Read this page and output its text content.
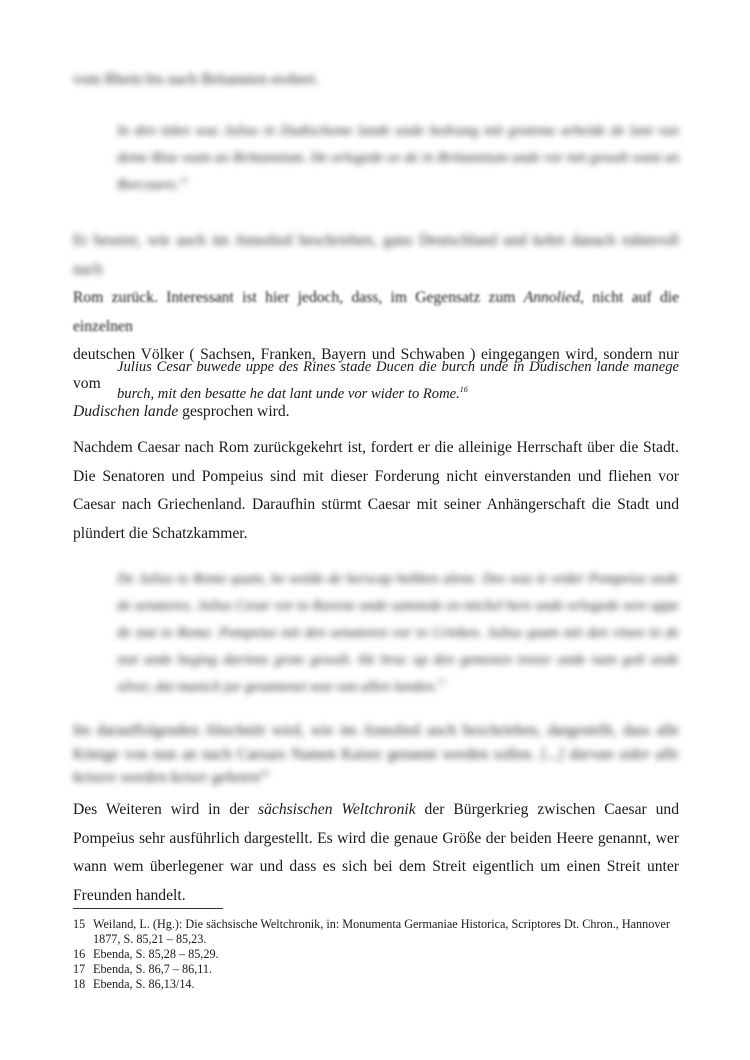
vom Rhein bis nach Britannien erobert.

In den tiden was Julius in Dudischeme lande unde bedvang mit groteme arbeide de lant van deme Rine want an Brittannium. He orlogede ov de in Brittannium unde vor mit gewalt want an Borcsuere.$^{14}$

Er besetzt, wie auch im Annolied beschrieben, ganz Deutschland und kehrt danach ruhmvoll nach
Rom zurück. Interessant ist hier jedoch, dass, im Gegensatz zum Annolied, nicht auf die einzelnen
deutschen Völker ( Sachsen, Franken, Bayern und Schwaben ) eingegangen wird, sondern nur vom
Dudischen lande gesprochen wird.

Julius Cesar buwede uppe des Rines stade Ducen die burch unde in Dudischen lande manege burch, mit den besatte he dat lant unde vor wider to Rome.$^{16}$

Nachdem Caesar nach Rom zurückgekehrt ist, fordert er die alleinige Herrschaft über die Stadt. Die Senatoren und Pompeius sind mit dieser Forderung nicht einverstanden und fliehen vor Caesar nach Griechenland. Daraufhin stürmt Caesar mit seiner Anhängerschaft die Stadt und plündert die Schatzkammer.

De Julius to Rome quam, he wolde de herscap hebben alene. Des was ie wider Pompeius unde de senatores. Julius Cesar vor to Ravene unde samnede en michel here unde orlogede sere uppe de stat to Rome. Pompeius mit den senatoren vor to Crieken. Julius quam mit den vinen in de stat unde beging darinne grote gewalt. He brac up den gemenen trezor unde nam golt unde silver, dat manich jar gesamenet was van allen landen.$^{17}$

Im darauffolgenden Abschnitt wird, wie im Annolied auch beschrieben, dargestellt, dass alle Könige von nun an nach Caesars Namen Kaiser genannt werden sollen. [...] darvan sider alle keisere worden keiser geheten$^{18}$

Des Weiteren wird in der sächsischen Weltchronik der Bürgerkrieg zwischen Caesar und Pompeius sehr ausführlich dargestellt. Es wird die genaue Größe der beiden Heere genannt, wer wann wem überlegener war und dass es sich bei dem Streit eigentlich um einen Streit unter Freunden handelt.

15 Weiland, L. (Hg.): Die sächsische Weltchronik, in: Monumenta Germaniae Historica, Scriptores Dt. Chron., Hannover 1877, S. 85,21 – 85,23.
16 Ebenda, S. 85,28 – 85,29.
17 Ebenda, S. 86,7 – 86,11.
18 Ebenda, S. 86,13/14.
